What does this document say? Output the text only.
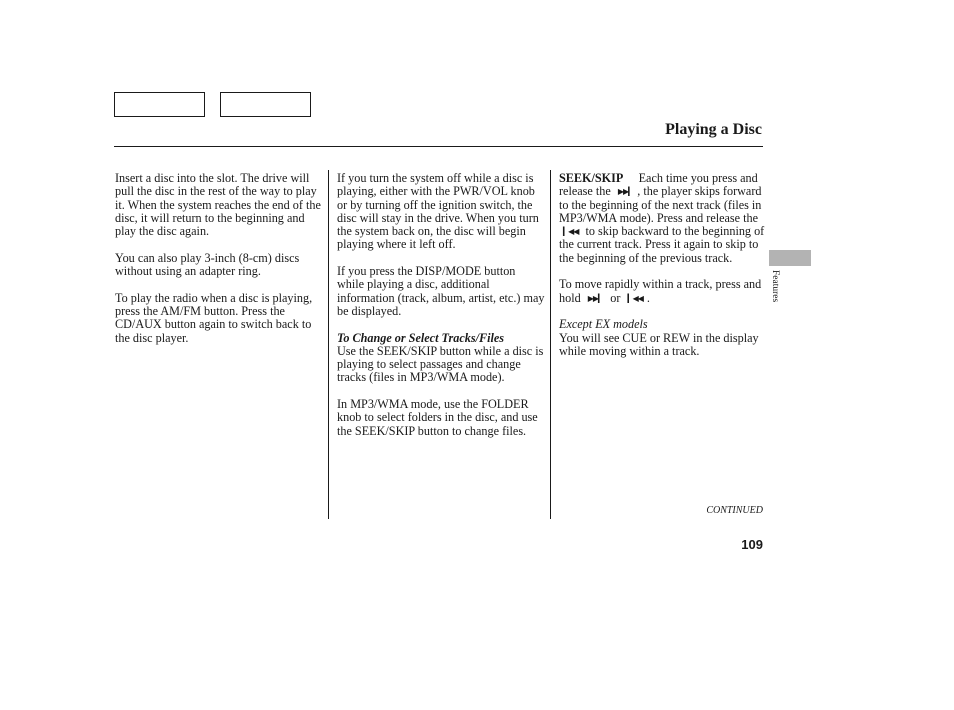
Playing a Disc

Insert a disc into the slot. The drive will pull the disc in the rest of the way to play it. When the system reaches the end of the disc, it will return to the beginning and play the disc again.

You can also play 3-inch (8-cm) discs without using an adapter ring.

To play the radio when a disc is playing, press the AM/FM button. Press the CD/AUX button again to switch back to the disc player.

If you turn the system off while a disc is playing, either with the PWR/VOL knob or by turning off the ignition switch, the disc will stay in the drive. When you turn the system back on, the disc will begin playing where it left off.

If you press the DISP/MODE button while playing a disc, additional information (track, album, artist, etc.) may be displayed.

To Change or Select Tracks/Files
Use the SEEK/SKIP button while a disc is playing to select passages and change tracks (files in MP3/WMA mode).

In MP3/WMA mode, use the FOLDER knob to select folders in the disc, and use the SEEK/SKIP button to change files.

SEEK/SKIP Each time you press and release the ▶▶▎ , the player skips forward to the beginning of the next track (files in MP3/WMA mode). Press and release the ▎◀◀ to skip backward to the beginning of the current track. Press it again to skip to the beginning of the previous track.

To move rapidly within a track, press and hold ▶▶▎ or ▎◀◀ .

Except EX models
You will see CUE or REW in the display while moving within a track.

Features
CONTINUED
109
